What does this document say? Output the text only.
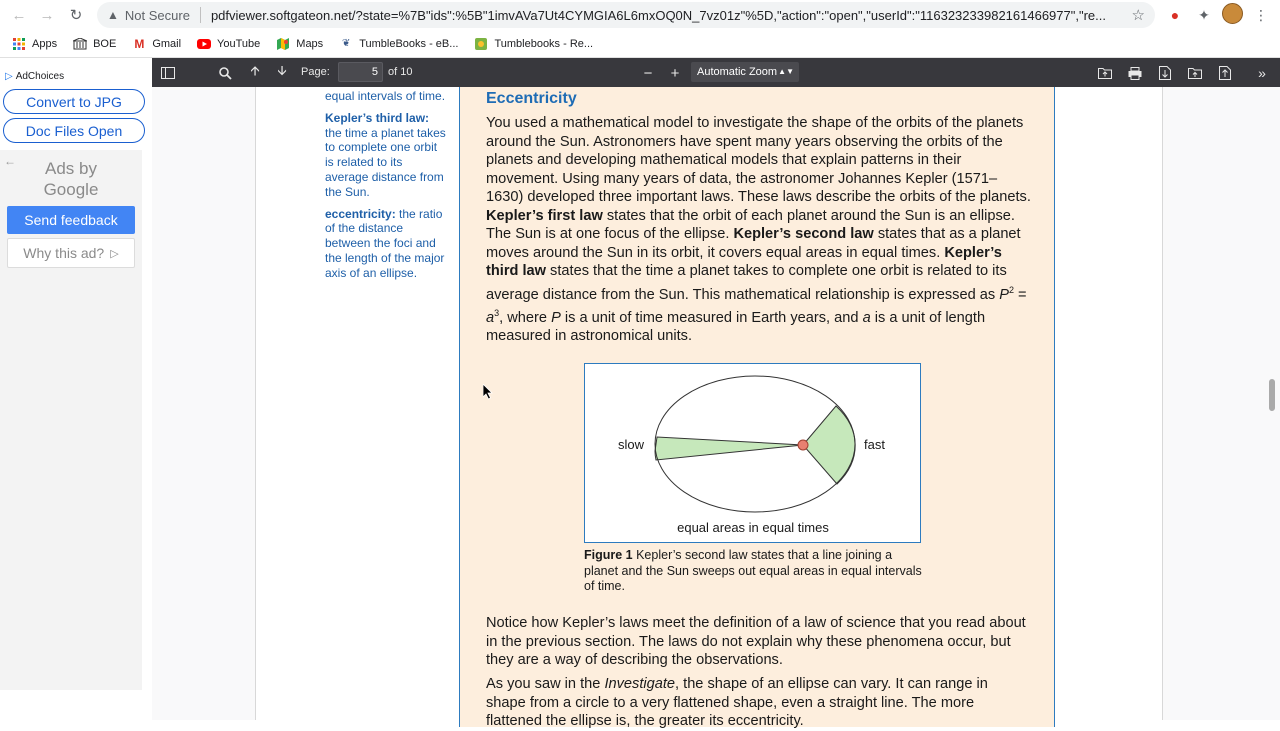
← →	↻	▲ Not Secure pdfviewer.softgateon.net/?state=%7B"ids":%5B"1imvAVa7Ut4CYMGIA6L6mxOQ0N_7vz01z"%5D,"action":"open","userId":"116323233982161466977","re...	☆	●	✦	⋮
Apps	BOE M Gmail	YouTube	Maps ❦ TumbleBooks - eB...	Tumblebooks - Re...
▷ AdChoices
Convert to JPG
Doc Files Open
←	Ads by
Google
Send feedback
Why this ad? ▷
🡩	🡫	Page:	5 of 10	−	+	Automatic Zoom ▲▼	»

equal intervals of time.

Kepler’s third law: the time a planet takes to complete one orbit is related to its average distance from the Sun.

eccentricity: the ratio of the distance between the foci and the length of the major axis of an ellipse.

Eccentricity
You used a mathematical model to investigate the shape of the orbits of the planets around the Sun. Astronomers have spent many years observing the orbits of the planets and developing mathematical models that explain patterns in their movement. Using many years of data, the astronomer Johannes Kepler (1571–1630) developed three important laws. These laws describe the orbits of the planets. Kepler’s first law states that the orbit of each planet around the Sun is an ellipse. The Sun is at one focus of the ellipse. Kepler’s second law states that as a planet moves around the Sun in its orbit, it covers equal areas in equal times. Kepler’s third law states that the time a planet takes to complete one orbit is related to its average distance from the Sun. This mathematical relationship is expressed as $P^2 = a^3$, where P is a unit of time measured in Earth years, and a is a unit of length measured in astronomical units.
slow	fast
equal areas in equal times
Figure 1 Kepler’s second law states that a line joining a planet and the Sun sweeps out equal areas in equal intervals of time.
Notice how Kepler’s laws meet the definition of a law of science that you read about in the previous section. The laws do not explain why these phenomena occur, but they are a way of describing the observations.
As you saw in the Investigate, the shape of an ellipse can vary. It can range in shape from a circle to a very flattened shape, even a straight line. The more flattened the ellipse is, the greater its eccentricity.
